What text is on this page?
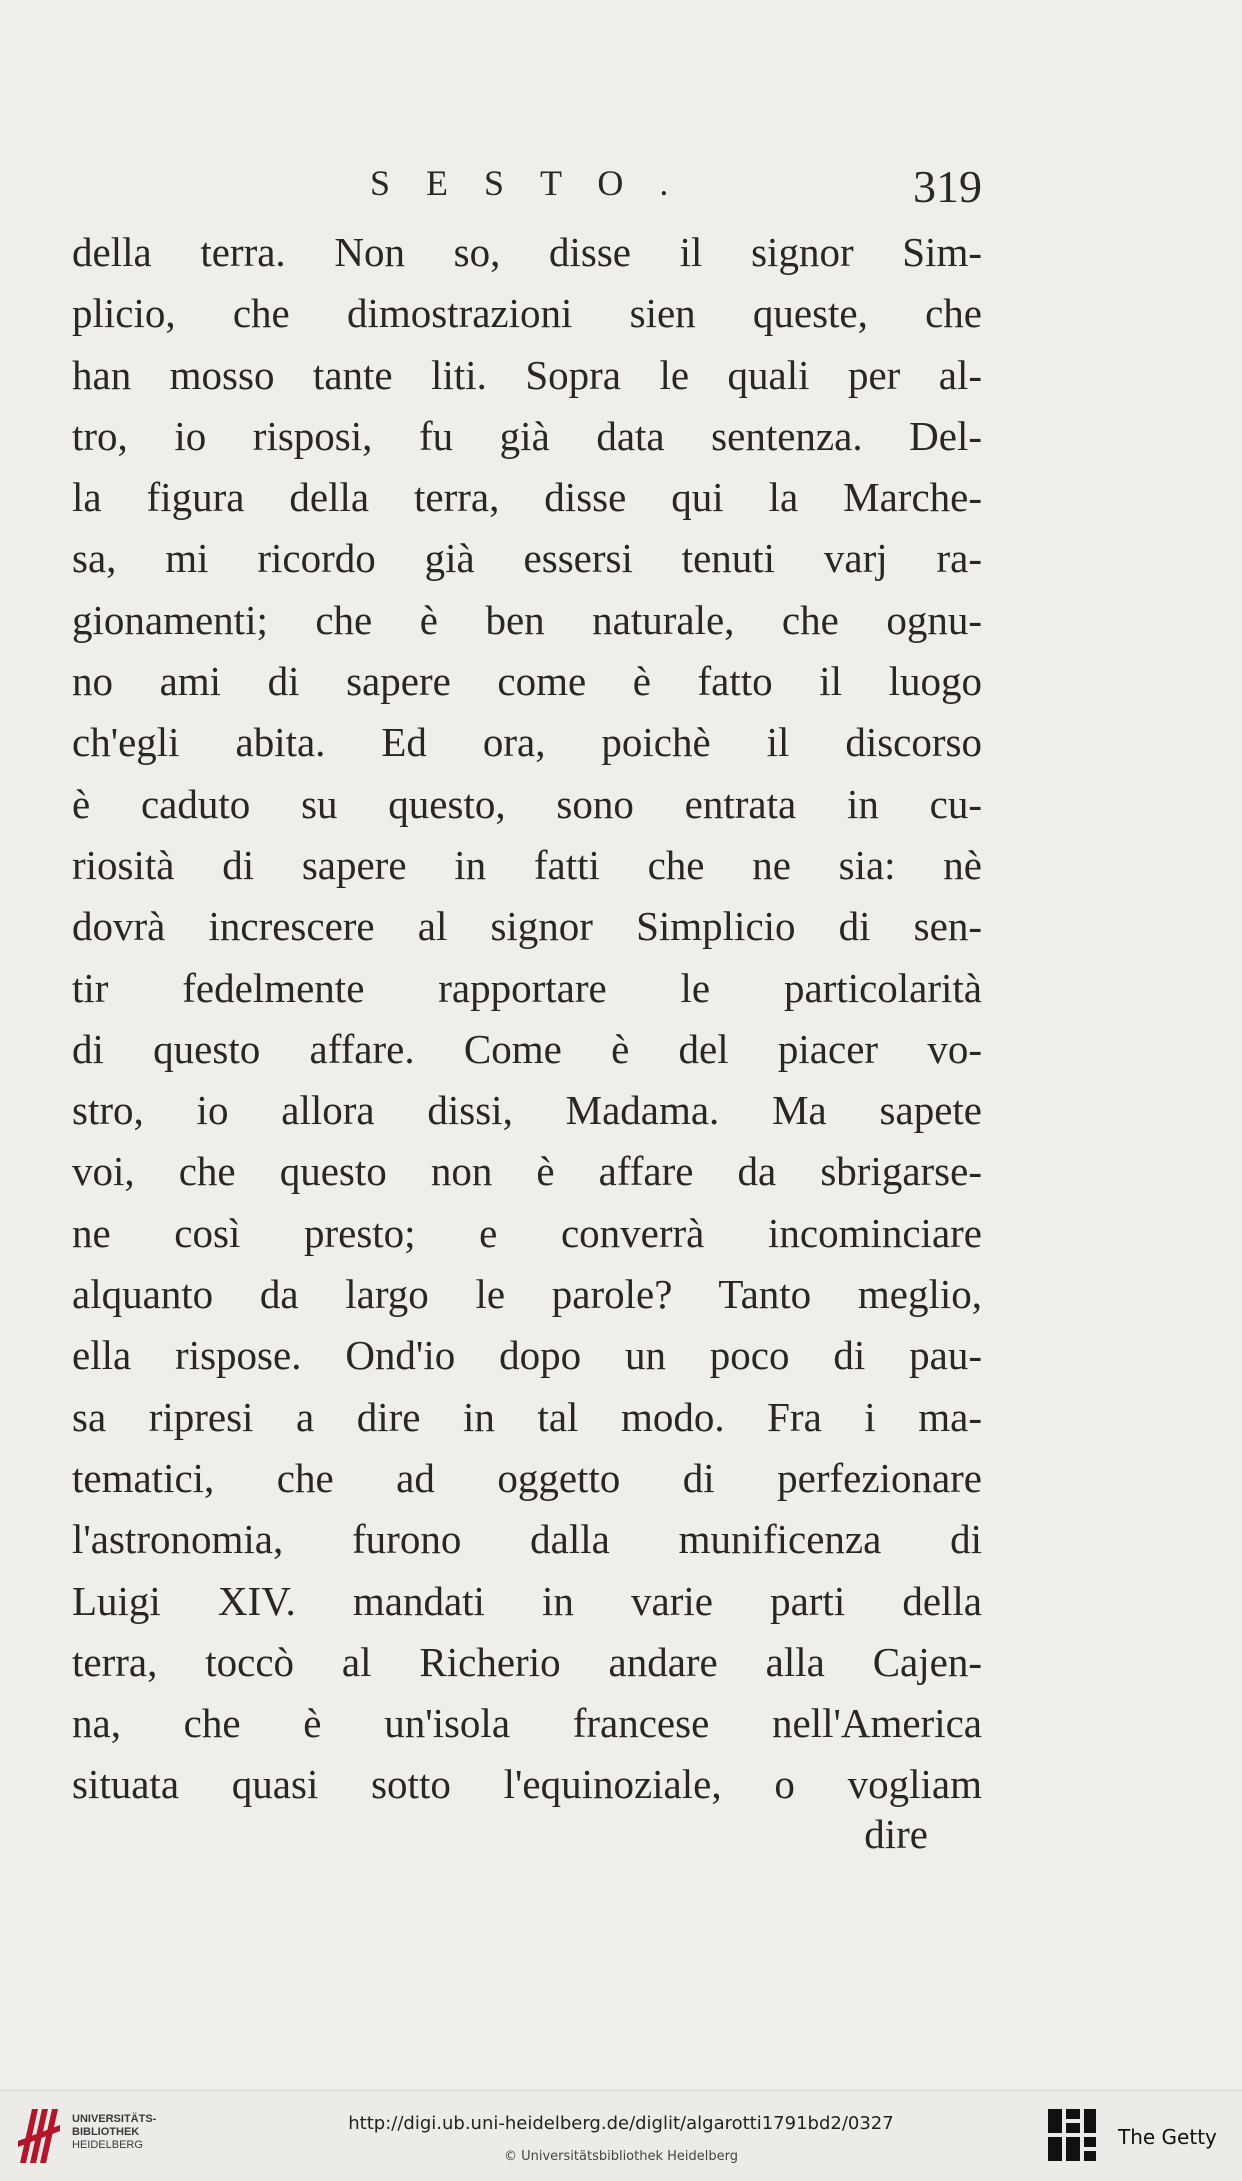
SESTO.	319
della terra. Non so, disse il signor Sim-
plicio, che dimostrazioni sien queste, che
han mosso tante liti. Sopra le quali per al-
tro, io risposi, fu già data sentenza. Del-
la figura della terra, disse qui la Marche-
sa, mi ricordo già essersi tenuti varj ra-
gionamenti; che è ben naturale, che ognu-
no ami di sapere come è fatto il luogo
ch'egli abita. Ed ora, poichè il discorso
è caduto su questo, sono entrata in cu-
riosità di sapere in fatti che ne sia: nè
dovrà increscere al signor Simplicio di sen-
tir fedelmente rapportare le particolarità
di questo affare. Come è del piacer vo-
stro, io allora dissi, Madama. Ma sapete
voi, che questo non è affare da sbrigarse-
ne così presto; e converrà incominciare
alquanto da largo le parole? Tanto meglio,
ella rispose. Ond'io dopo un poco di pau-
sa ripresi a dire in tal modo. Fra i ma-
tematici, che ad oggetto di perfezionare
l'astronomia, furono dalla munificenza di
Luigi XIV. mandati in varie parti della
terra, toccò al Richerio andare alla Cajen-
na, che è un'isola francese nell'America
situata quasi sotto l'equinoziale, o vogliam
dire
UNIVERSITÄTS-
BIBLIOTHEK
HEIDELBERG
http://digi.ub.uni-heidelberg.de/diglit/algarotti1791bd2/0327
© Universitätsbibliothek Heidelberg
The Getty
